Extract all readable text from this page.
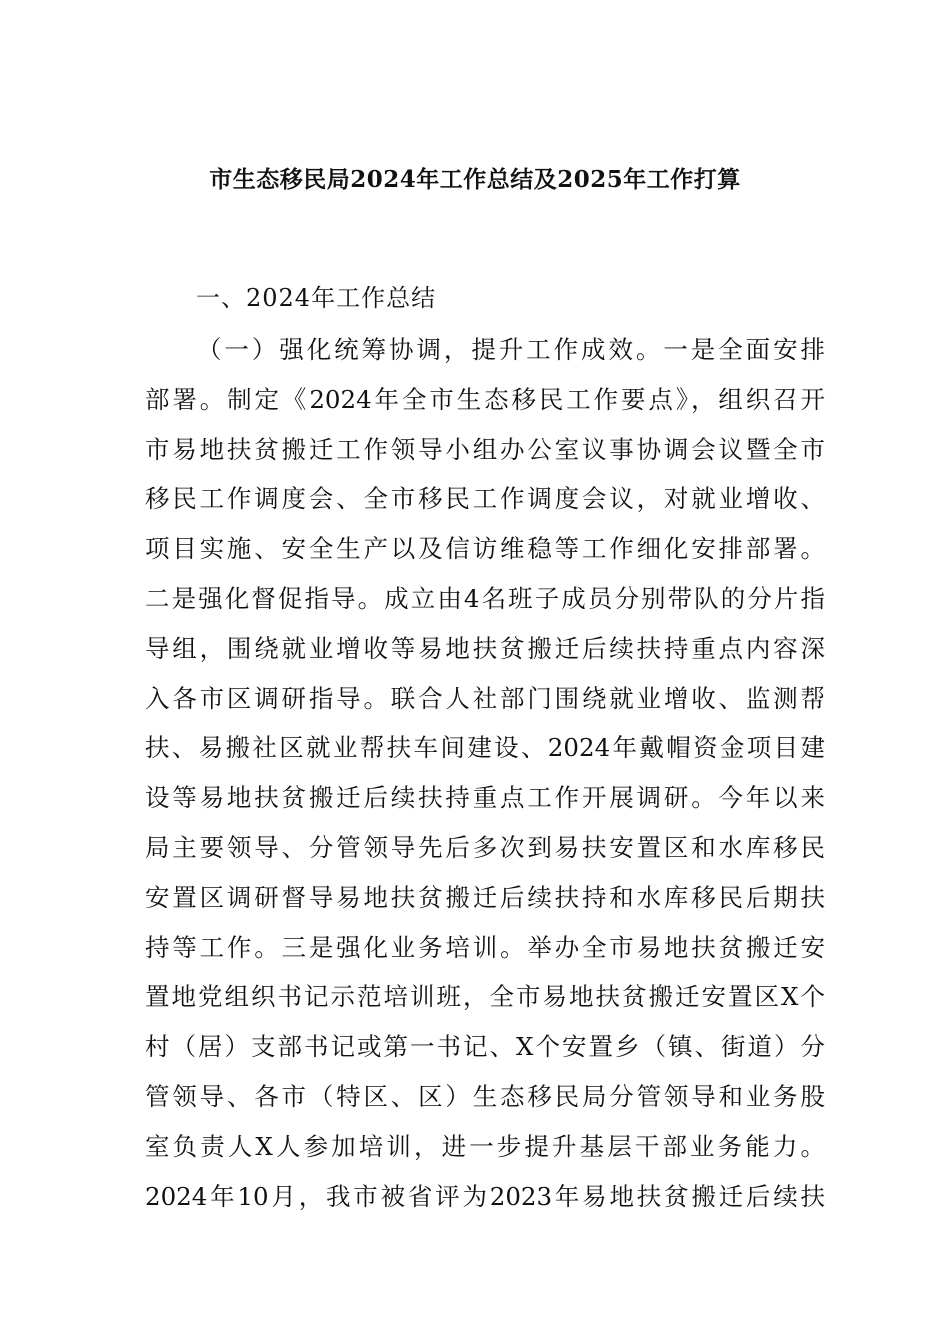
市生态移民局2024年工作总结及2025年工作打算
一、2024年工作总结
（一）强化统筹协调，提升工作成效。一是全面安排
部署。制定《2024年全市生态移民工作要点》，组织召开
市易地扶贫搬迁工作领导小组办公室议事协调会议暨全市
移民工作调度会、全市移民工作调度会议，对就业增收、
项目实施、安全生产以及信访维稳等工作细化安排部署。
二是强化督促指导。成立由4名班子成员分别带队的分片指
导组，围绕就业增收等易地扶贫搬迁后续扶持重点内容深
入各市区调研指导。联合人社部门围绕就业增收、监测帮
扶、易搬社区就业帮扶车间建设、2024年戴帽资金项目建
设等易地扶贫搬迁后续扶持重点工作开展调研。今年以来
局主要领导、分管领导先后多次到易扶安置区和水库移民
安置区调研督导易地扶贫搬迁后续扶持和水库移民后期扶
持等工作。三是强化业务培训。举办全市易地扶贫搬迁安
置地党组织书记示范培训班，全市易地扶贫搬迁安置区X个
村（居）支部书记或第一书记、X个安置乡（镇、街道）分
管领导、各市（特区、区）生态移民局分管领导和业务股
室负责人X人参加培训，进一步提升基层干部业务能力。
2024年10月，我市被省评为2023年易地扶贫搬迁后续扶
